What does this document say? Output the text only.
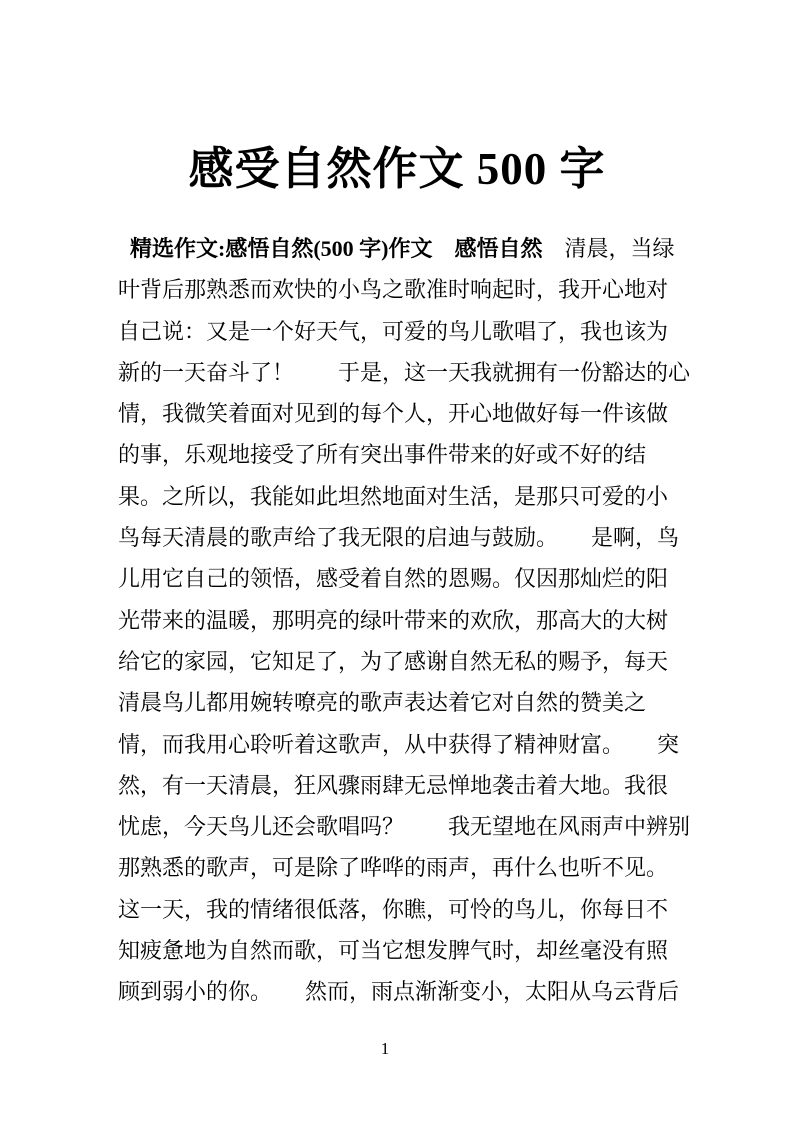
感受自然作文 500 字
精选作文:感悟自然(500 字)作文　感悟自然　清晨，当绿
叶背后那熟悉而欢快的小鸟之歌准时响起时，我开心地对
自己说：又是一个好天气，可爱的鸟儿歌唱了，我也该为
新的一天奋斗了！　　于是，这一天我就拥有一份豁达的心
情，我微笑着面对见到的每个人，开心地做好每一件该做
的事，乐观地接受了所有突出事件带来的好或不好的结
果。之所以，我能如此坦然地面对生活，是那只可爱的小
鸟每天清晨的歌声给了我无限的启迪与鼓励。　　是啊，鸟
儿用它自己的领悟，感受着自然的恩赐。仅因那灿烂的阳
光带来的温暖，那明亮的绿叶带来的欢欣，那高大的大树
给它的家园，它知足了，为了感谢自然无私的赐予，每天
清晨鸟儿都用婉转嘹亮的歌声表达着它对自然的赞美之
情，而我用心聆听着这歌声，从中获得了精神财富。　　突
然，有一天清晨，狂风骤雨肆无忌惮地袭击着大地。我很
忧虑，今天鸟儿还会歌唱吗？　　我无望地在风雨声中辨别
那熟悉的歌声，可是除了哗哗的雨声，再什么也听不见。
这一天，我的情绪很低落，你瞧，可怜的鸟儿，你每日不
知疲惫地为自然而歌，可当它想发脾气时，却丝毫没有照
顾到弱小的你。　　然而，雨点渐渐变小，太阳从乌云背后
1
